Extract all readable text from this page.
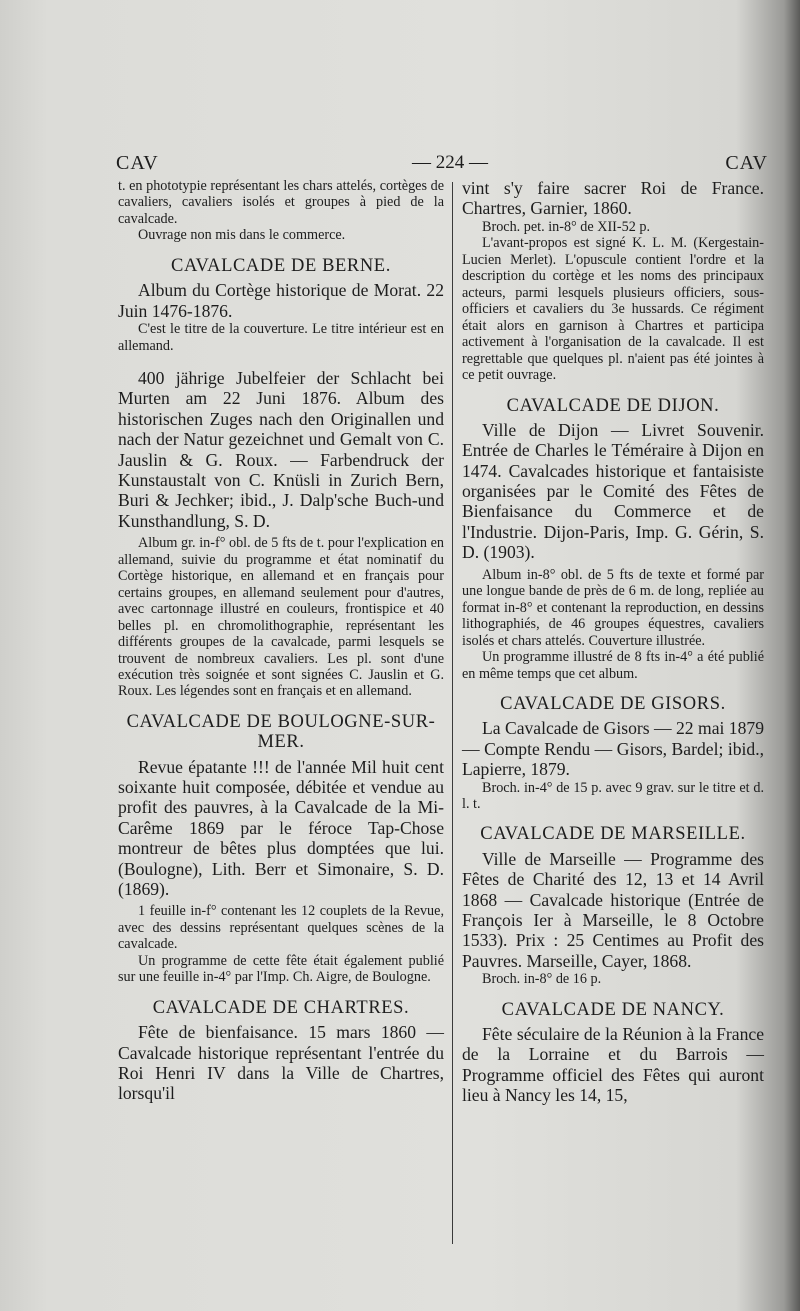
CAV	— 224 —	CAV

t. en phototypie représentant les chars attelés, cortèges de cavaliers, cavaliers isolés et groupes à pied de la cavalcade.

Ouvrage non mis dans le commerce.

CAVALCADE DE BERNE.

Album du Cortège historique de Morat. 22 Juin 1476-1876.

C'est le titre de la couverture. Le titre intérieur est en allemand.

400 jährige Jubelfeier der Schlacht bei Murten am 22 Juni 1876. Album des historischen Zuges nach den Originallen und nach der Natur gezeichnet und Gemalt von C. Jauslin & G. Roux. — Farbendruck der Kunstaustalt von C. Knüsli in Zurich Bern, Buri & Jechker; ibid., J. Dalp'sche Buch-und Kunsthandlung, S. D.

Album gr. in-f° obl. de 5 fts de t. pour l'explication en allemand, suivie du programme et état nominatif du Cortège historique, en allemand et en français pour certains groupes, en allemand seulement pour d'autres, avec cartonnage illustré en couleurs, frontispice et 40 belles pl. en chromolithographie, représentant les différents groupes de la cavalcade, parmi lesquels se trouvent de nombreux cavaliers. Les pl. sont d'une exécution très soignée et sont signées C. Jauslin et G. Roux. Les légendes sont en français et en allemand.

CAVALCADE DE BOULOGNE-SUR-MER.

Revue épatante !!! de l'année Mil huit cent soixante huit composée, débitée et vendue au profit des pauvres, à la Cavalcade de la Mi-Carême 1869 par le féroce Tap-Chose montreur de bêtes plus domptées que lui. (Boulogne), Lith. Berr et Simonaire, S. D. (1869).

1 feuille in-f° contenant les 12 couplets de la Revue, avec des dessins représentant quelques scènes de la cavalcade.

Un programme de cette fête était également publié sur une feuille in-4° par l'Imp. Ch. Aigre, de Boulogne.

CAVALCADE DE CHARTRES.

Fête de bienfaisance. 15 mars 1860 — Cavalcade historique représentant l'entrée du Roi Henri IV dans la Ville de Chartres, lorsqu'il

vint s'y faire sacrer Roi de France. Chartres, Garnier, 1860.

Broch. pet. in-8° de XII-52 p.

L'avant-propos est signé K. L. M. (Kergestain-Lucien Merlet). L'opuscule contient l'ordre et la description du cortège et les noms des principaux acteurs, parmi lesquels plusieurs officiers, sous-officiers et cavaliers du 3e hussards. Ce régiment était alors en garnison à Chartres et participa activement à l'organisation de la cavalcade. Il est regrettable que quelques pl. n'aient pas été jointes à ce petit ouvrage.

CAVALCADE DE DIJON.

Ville de Dijon — Livret Souvenir. Entrée de Charles le Téméraire à Dijon en 1474. Cavalcades historique et fantaisiste organisées par le Comité des Fêtes de Bienfaisance du Commerce et de l'Industrie. Dijon-Paris, Imp. G. Gérin, S. D. (1903).

Album in-8° obl. de 5 fts de texte et formé par une longue bande de près de 6 m. de long, repliée au format in-8° et contenant la reproduction, en dessins lithographiés, de 46 groupes équestres, cavaliers isolés et chars attelés. Couverture illustrée.

Un programme illustré de 8 fts in-4° a été publié en même temps que cet album.

CAVALCADE DE GISORS.

La Cavalcade de Gisors — 22 mai 1879 — Compte Rendu — Gisors, Bardel; ibid., Lapierre, 1879.

Broch. in-4° de 15 p. avec 9 grav. sur le titre et d. l. t.

CAVALCADE DE MARSEILLE.

Ville de Marseille — Programme des Fêtes de Charité des 12, 13 et 14 Avril 1868 — Cavalcade historique (Entrée de François Ier à Marseille, le 8 Octobre 1533). Prix : 25 Centimes au Profit des Pauvres. Marseille, Cayer, 1868.

Broch. in-8° de 16 p.

CAVALCADE DE NANCY.

Fête séculaire de la Réunion à la France de la Lorraine et du Barrois — Programme officiel des Fêtes qui auront lieu à Nancy les 14, 15,
